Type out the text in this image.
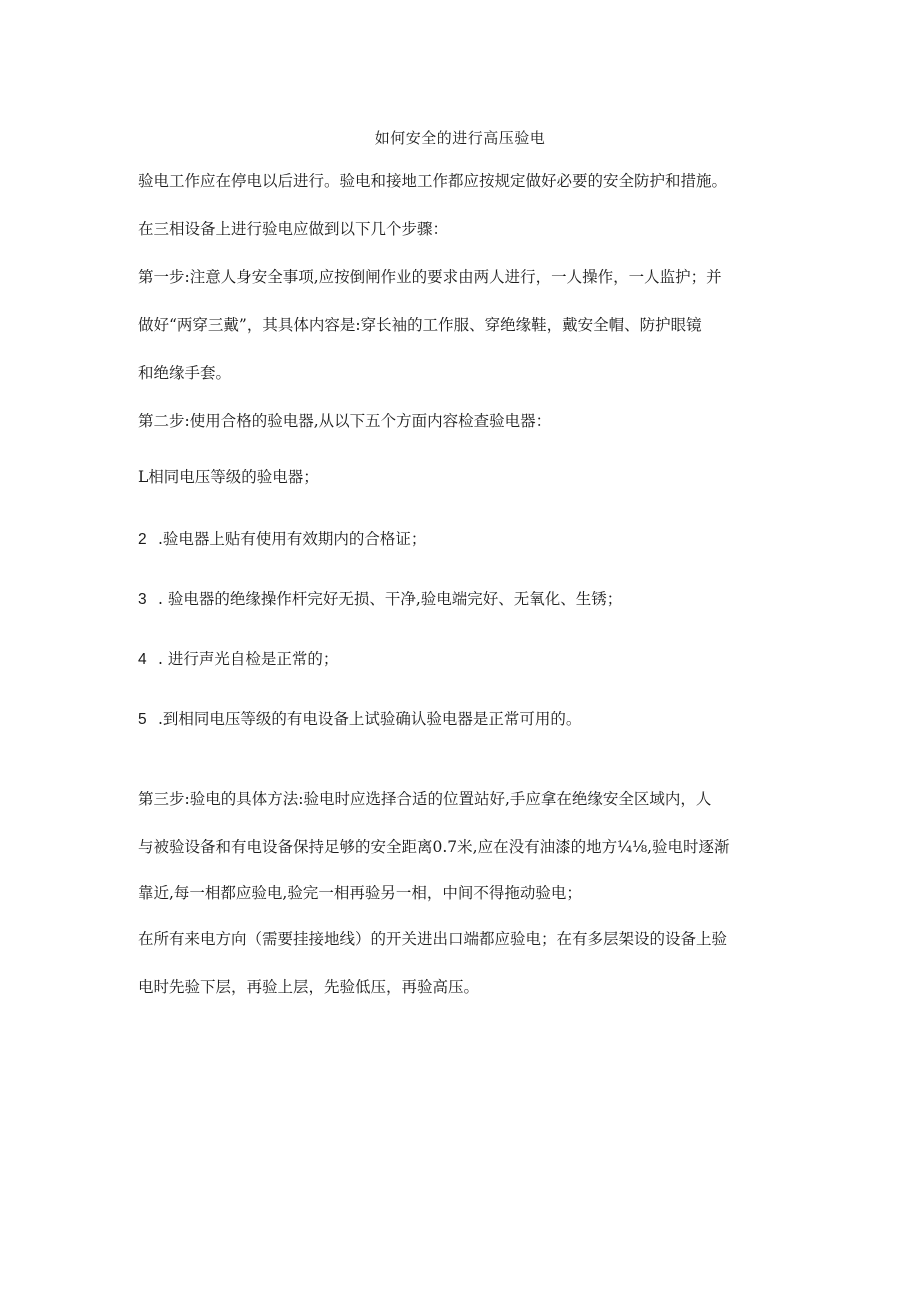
如何安全的进行高压验电
验电工作应在停电以后进行。验电和接地工作都应按规定做好必要的安全防护和措施。
在三相设备上进行验电应做到以下几个步骤：
第一步:注意人身安全事项,应按倒闸作业的要求由两人进行，一人操作，一人监护；并
做好“两穿三戴”，其具体内容是:穿长袖的工作服、穿绝缘鞋，戴安全帽、防护眼镜
和绝缘手套。
第二步:使用合格的验电器,从以下五个方面内容检查验电器：
L相同电压等级的验电器；
2 .验电器上贴有使用有效期内的合格证；
3 . 验电器的绝缘操作杆完好无损、干净,验电端完好、无氧化、生锈；
4 . 进行声光自检是正常的；
5 .到相同电压等级的有电设备上试验确认验电器是正常可用的。
第三步:验电的具体方法:验电时应选择合适的位置站好,手应拿在绝缘安全区域内，人
与被验设备和有电设备保持足够的安全距离0.7米,应在没有油漆的地方¼⅛,验电时逐渐
靠近,每一相都应验电,验完一相再验另一相，中间不得拖动验电；
在所有来电方向（需要挂接地线）的开关进出口端都应验电；在有多层架设的设备上验
电时先验下层，再验上层，先验低压，再验高压。
